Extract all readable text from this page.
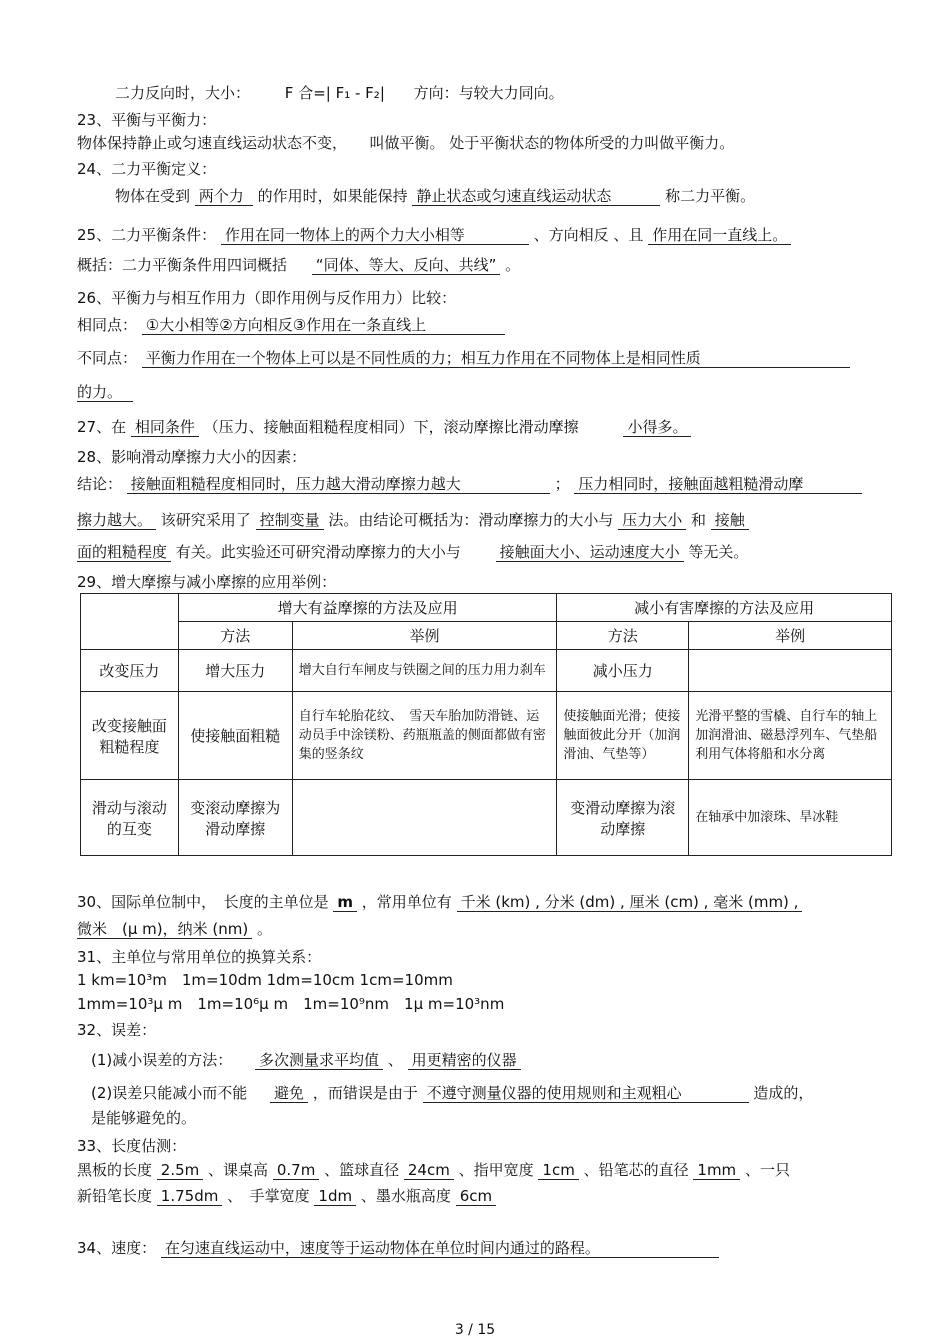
二力反向时，大小： F 合=| F₁ - F₂| 方向：与较大力同向。
23、平衡与平衡力：
物体保持静止或匀速直线运动状态不变，　　叫做平衡。 处于平衡状态的物体所受的力叫做平衡力。
24、二力平衡定义：
物体在受到 两个力 的作用时，如果能保持 静止状态或匀速直线运动状态	称二力平衡。
25、二力平衡条件： 作用在同一物体上的两个力大小相等	、方向相反 、且 作用在同一直线上。
概括：二力平衡条件用四词概括 “同体、等大、反向、共线” 。
26、平衡力与相互作用力（即作用例与反作用力）比较：
相同点： ①大小相等②方向相反③作用在一条直线上
不同点： 平衡力作用在一个物体上可以是不同性质的力；相互力作用在不同物体上是相同性质
的力。
27、在 相同条件 （压力、接触面粗糙程度相同）下，滚动摩擦比滑动摩擦	小得多。
28、影响滑动摩擦力大小的因素：
结论： 接触面粗糙程度相同时，压力越大滑动摩擦力越大	； 压力相同时，接触面越粗糙滑动摩
擦力越大。 该研究采用了 控制变量 法。由结论可概括为：滑动摩擦力的大小与 压力大小 和 接触
面的粗糙程度 有关。此实验还可研究滑动摩擦力的大小与	接触面大小、运动速度大小 等无关。
29、增大摩擦与减小摩擦的应用举例：
	增大有益摩擦的方法及应用		减小有害摩擦的方法及应用	
	方法	举例	方法	举例
改变压力	增大压力	增大自行车闸皮与铁圈之间的压力用力刹车	减小压力	
改变接触面粗糙程度	使接触面粗糙	自行车轮胎花纹、　雪天车胎加防滑链、运动员手中涂镁粉、药瓶瓶盖的侧面都做有密集的竖条纹	使接触面光滑；使接触面彼此分开（加润滑油、气垫等）	光滑平整的雪橇、自行车的轴上加润滑油、磁悬浮列车、气垫船利用气体将船和水分离
滑动与滚动的互变	变滚动摩擦为滑动摩擦		变滑动摩擦为滚动摩擦	在轴承中加滚珠、旱冰鞋
30、国际单位制中，　长度的主单位是 m ，常用单位有 千米 (km) , 分米 (dm) , 厘米 (cm) , 毫米 (mm) ,
微米　(μ m)，纳米 (nm) 。
31、主单位与常用单位的换算关系：
1 km=10³m　1m=10dm 1dm=10cm 1cm=10mm
1mm=10³μ m　1m=10⁶μ m　1m=10⁹nm　1μ m=10³nm
32、误差：
(1)减小误差的方法： 多次测量求平均值 、 用更精密的仪器
(2)误差只能减小而不能 避免 ，而错误是由于 不遵守测量仪器的使用规则和主观粗心	造成的，
是能够避免的。
33、长度估测：
黑板的长度 2.5m 、课桌高 0.7m 、篮球直径 24cm 、指甲宽度 1cm 、铅笔芯的直径 1mm 、一只
新铅笔长度 1.75dm 、　手掌宽度 1dm 、墨水瓶高度 6cm
34、速度： 在匀速直线运动中，速度等于运动物体在单位时间内通过的路程。
3 / 15
